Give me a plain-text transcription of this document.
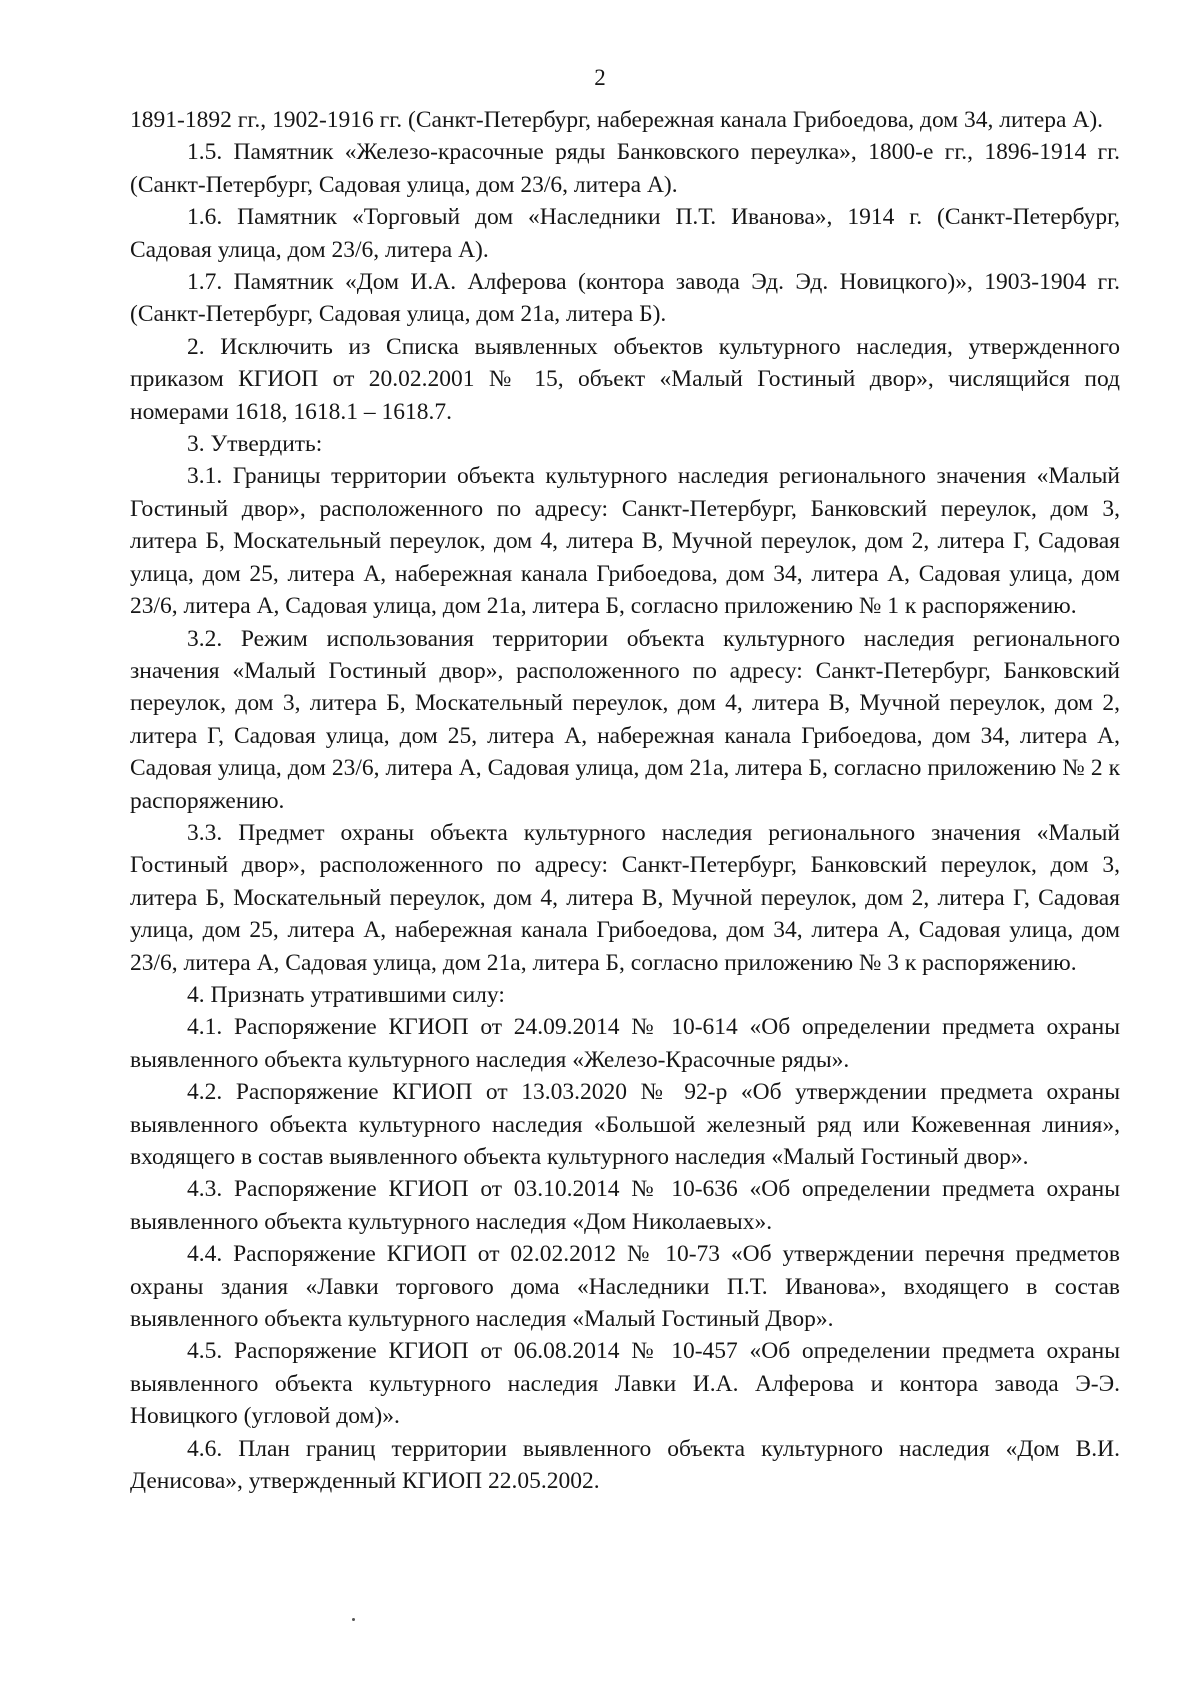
2

1891-1892 гг., 1902-1916 гг. (Санкт-Петербург, набережная канала Грибоедова, дом 34, литера А).

1.5. Памятник «Железо-красочные ряды Банковского переулка», 1800-е гг., 1896-1914 гг. (Санкт-Петербург, Садовая улица, дом 23/6, литера А).

1.6. Памятник «Торговый дом «Наследники П.Т. Иванова», 1914 г. (Санкт-Петербург, Садовая улица, дом 23/6, литера А).

1.7. Памятник «Дом И.А. Алферова (контора завода Эд. Эд. Новицкого)», 1903-1904 гг. (Санкт-Петербург, Садовая улица, дом 21а, литера Б).

2. Исключить из Списка выявленных объектов культурного наследия, утвержденного приказом КГИОП от 20.02.2001 № 15, объект «Малый Гостиный двор», числящийся под номерами 1618, 1618.1 – 1618.7.

3. Утвердить:

3.1. Границы территории объекта культурного наследия регионального значения «Малый Гостиный двор», расположенного по адресу: Санкт-Петербург, Банковский переулок, дом 3, литера Б, Москательный переулок, дом 4, литера В, Мучной переулок, дом 2, литера Г, Садовая улица, дом 25, литера А, набережная канала Грибоедова, дом 34, литера А, Садовая улица, дом 23/6, литера А, Садовая улица, дом 21а, литера Б, согласно приложению № 1 к распоряжению.

3.2. Режим использования территории объекта культурного наследия регионального значения «Малый Гостиный двор», расположенного по адресу: Санкт-Петербург, Банковский переулок, дом 3, литера Б, Москательный переулок, дом 4, литера В, Мучной переулок, дом 2, литера Г, Садовая улица, дом 25, литера А, набережная канала Грибоедова, дом 34, литера А, Садовая улица, дом 23/6, литера А, Садовая улица, дом 21а, литера Б, согласно приложению № 2 к распоряжению.

3.3. Предмет охраны объекта культурного наследия регионального значения «Малый Гостиный двор», расположенного по адресу: Санкт-Петербург, Банковский переулок, дом 3, литера Б, Москательный переулок, дом 4, литера В, Мучной переулок, дом 2, литера Г, Садовая улица, дом 25, литера А, набережная канала Грибоедова, дом 34, литера А, Садовая улица, дом 23/6, литера А, Садовая улица, дом 21а, литера Б, согласно приложению № 3 к распоряжению.

4. Признать утратившими силу:

4.1. Распоряжение КГИОП от 24.09.2014 № 10-614 «Об определении предмета охраны выявленного объекта культурного наследия «Железо-Красочные ряды».

4.2. Распоряжение КГИОП от 13.03.2020 № 92-р «Об утверждении предмета охраны выявленного объекта культурного наследия «Большой железный ряд или Кожевенная линия», входящего в состав выявленного объекта культурного наследия «Малый Гостиный двор».

4.3. Распоряжение КГИОП от 03.10.2014 № 10-636 «Об определении предмета охраны выявленного объекта культурного наследия «Дом Николаевых».

4.4. Распоряжение КГИОП от 02.02.2012 № 10-73 «Об утверждении перечня предметов охраны здания «Лавки торгового дома «Наследники П.Т. Иванова», входящего в состав выявленного объекта культурного наследия «Малый Гостиный Двор».

4.5. Распоряжение КГИОП от 06.08.2014 № 10-457 «Об определении предмета охраны выявленного объекта культурного наследия Лавки И.А. Алферова и контора завода Э-Э. Новицкого (угловой дом)».

4.6. План границ территории выявленного объекта культурного наследия «Дом В.И. Денисова», утвержденный КГИОП 22.05.2002.
